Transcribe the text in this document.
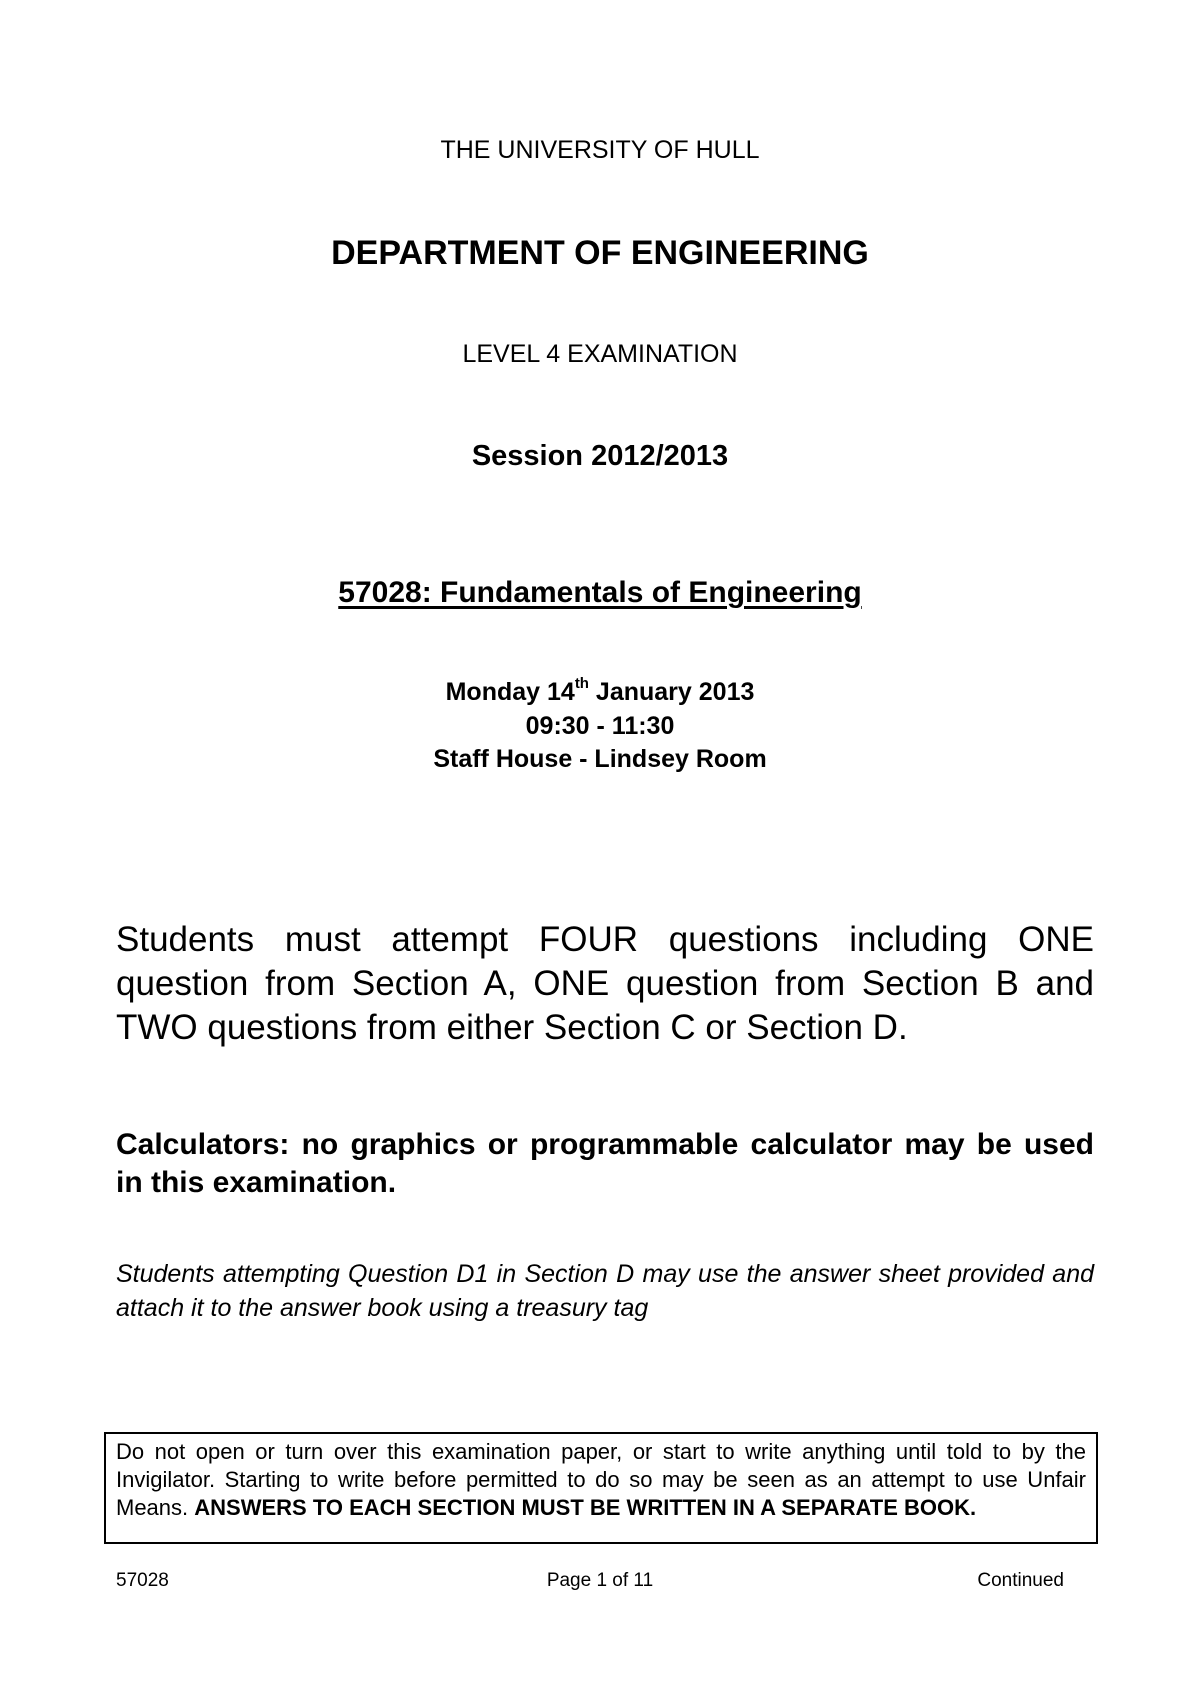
THE UNIVERSITY OF HULL
DEPARTMENT OF ENGINEERING
LEVEL 4 EXAMINATION
Session 2012/2013
57028: Fundamentals of Engineering
Monday 14th January 2013
09:30 - 11:30
Staff House - Lindsey Room
Students must attempt FOUR questions including ONE question from Section A, ONE question from Section B and TWO questions from either Section C or Section D.
Calculators: no graphics or programmable calculator may be used in this examination.
Students attempting Question D1 in Section D may use the answer sheet provided and attach it to the answer book using a treasury tag
Do not open or turn over this examination paper, or start to write anything until told to by the Invigilator. Starting to write before permitted to do so may be seen as an attempt to use Unfair Means. ANSWERS TO EACH SECTION MUST BE WRITTEN IN A SEPARATE BOOK.
57028	Page 1 of 11	Continued
